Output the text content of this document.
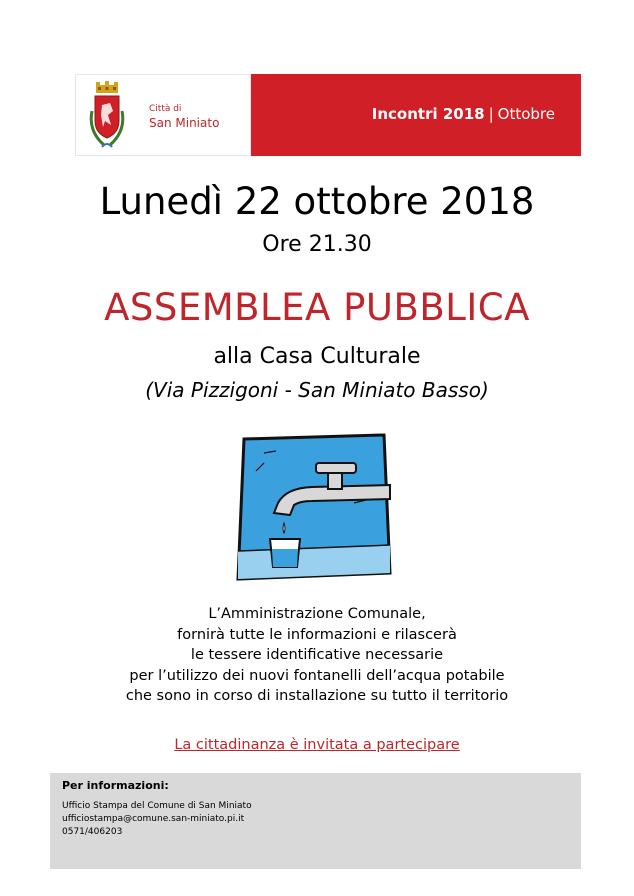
Città di
San Miniato	Incontri 2018 | Ottobre
Lunedì 22 ottobre 2018
Ore 21.30
ASSEMBLEA PUBBLICA
alla Casa Culturale
(Via Pizzigoni - San Miniato Basso)
L’Amministrazione Comunale,
fornirà tutte le informazioni e rilascerà
le tessere identificative necessarie
per l’utilizzo dei nuovi fontanelli dell’acqua potabile
che sono in corso di installazione su tutto il territorio
La cittadinanza è invitata a partecipare
Per informazioni:
Ufficio Stampa del Comune di San Miniato
ufficiostampa@comune.san-miniato.pi.it
0571/406203
